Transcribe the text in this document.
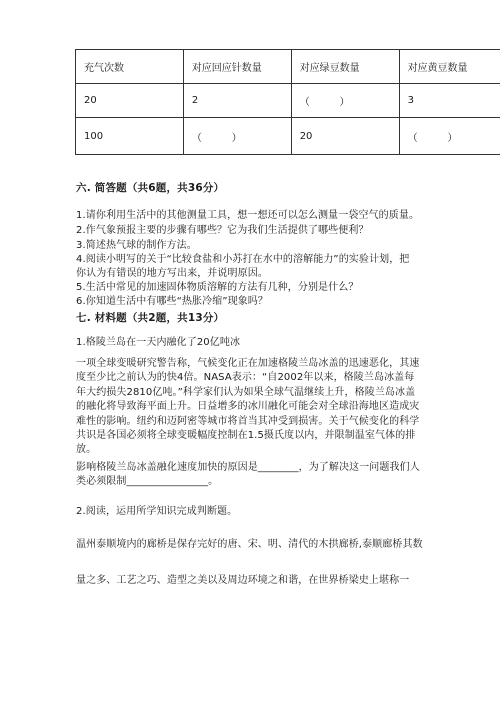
充气次数	对应回应针数量	对应绿豆数量	对应黄豆数量
20	2	（　　　）	3
100	（　　　）	20	（　　　）
六. 简答题（共6题，共36分）
1.请你利用生活中的其他测量工具，想一想还可以怎么测量一袋空气的质量。
2.作气象预报主要的步骤有哪些？它为我们生活提供了哪些便利？
3.简述热气球的制作方法。
4.阅读小明写的关于“比较食盐和小苏打在水中的溶解能力”的实验计划，把
你认为有错误的地方写出来，并说明原因。
5.生活中常见的加速固体物质溶解的方法有几种，分别是什么？
6.你知道生活中有哪些“热胀冷缩”现象吗？
七. 材料题（共2题，共13分）
1.格陵兰岛在一天内融化了20亿吨冰
一项全球变暖研究警告称，气候变化正在加速格陵兰岛冰盖的迅速恶化，其速度至少比之前认为的快4倍。NASA表示：“自2002年以来，格陵兰岛冰盖每年大约损失2810亿吨。”科学家们认为如果全球气温继续上升，格陵兰岛冰盖的融化将导致海平面上升。日益增多的冰川融化可能会对全球沿海地区造成灾难性的影响。纽约和迈阿密等城市将首当其冲受到损害。关于气候变化的科学共识是各国必须将全球变暖幅度控制在1.5摄氏度以内，并限制温室气体的排放。
影响格陵兰岛冰盖融化速度加快的原因是________，为了解决这一问题我们人类必须限制________________。
2.阅读，运用所学知识完成判断题。
温州泰顺境内的廊桥是保存完好的唐、宋、明、清代的木拱廊桥,泰顺廊桥其数
量之多、工艺之巧、造型之美以及周边环境之和谐，在世界桥梁史上堪称一
